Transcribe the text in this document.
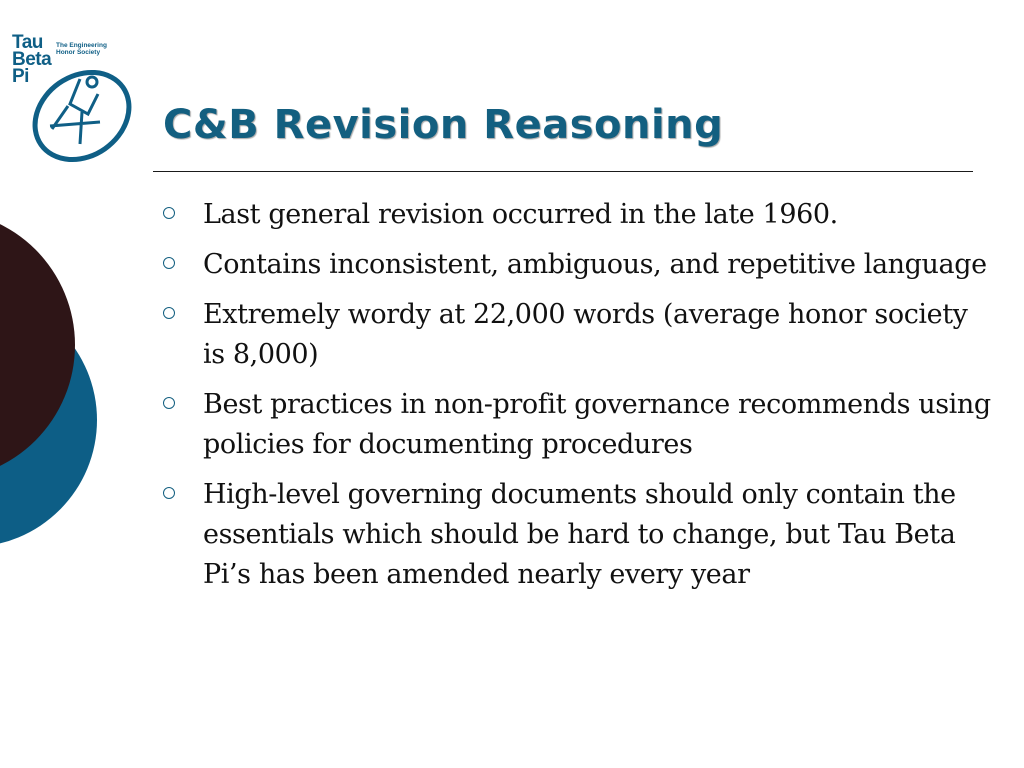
Tau
Beta
Pi
The Engineering
Honor Society
C&B Revision Reasoning
Last general revision occurred in the late 1960.
Contains inconsistent, ambiguous, and repetitive language
Extremely wordy at 22,000 words (average honor society is 8,000)
Best practices in non-profit governance recommends using policies for documenting procedures
High-level governing documents should only contain the essentials which should be hard to change, but Tau Beta Pi’s has been amended nearly every year
